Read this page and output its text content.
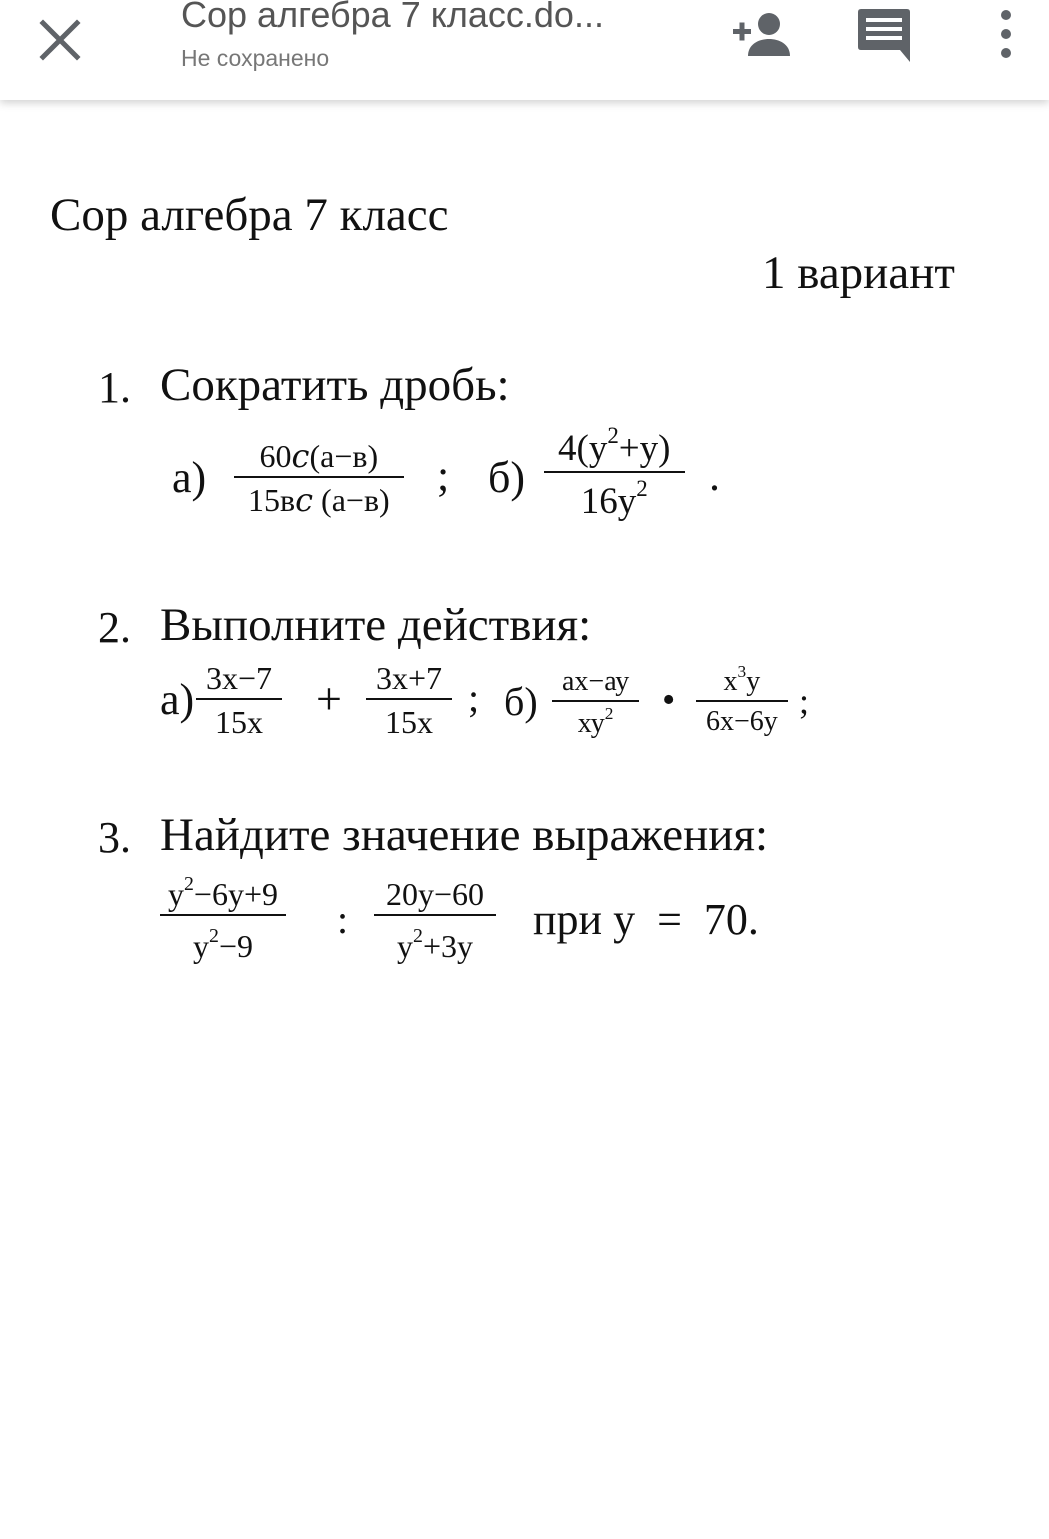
Сор алгебра 7 класс.do...
Не сохранено
Сор алгебра 7 класс
1 вариант
1. Сократить дробь:
а)	60𝑐(а−в)
15в𝑐 (а−в)	; б)
$4(у^2+у)$
$16у^2$	.
2. Выполните действия:
а) 3х−7
15х +	3х+7
15х
; б) ах−ау
$ху^2$ •	$х^3у$
6х−6у
;
3. Найдите значение выражения:
$у^2-6у+9$
$у^2-9$
:
20у−60
$у^2+3у$
при у  =  70.
